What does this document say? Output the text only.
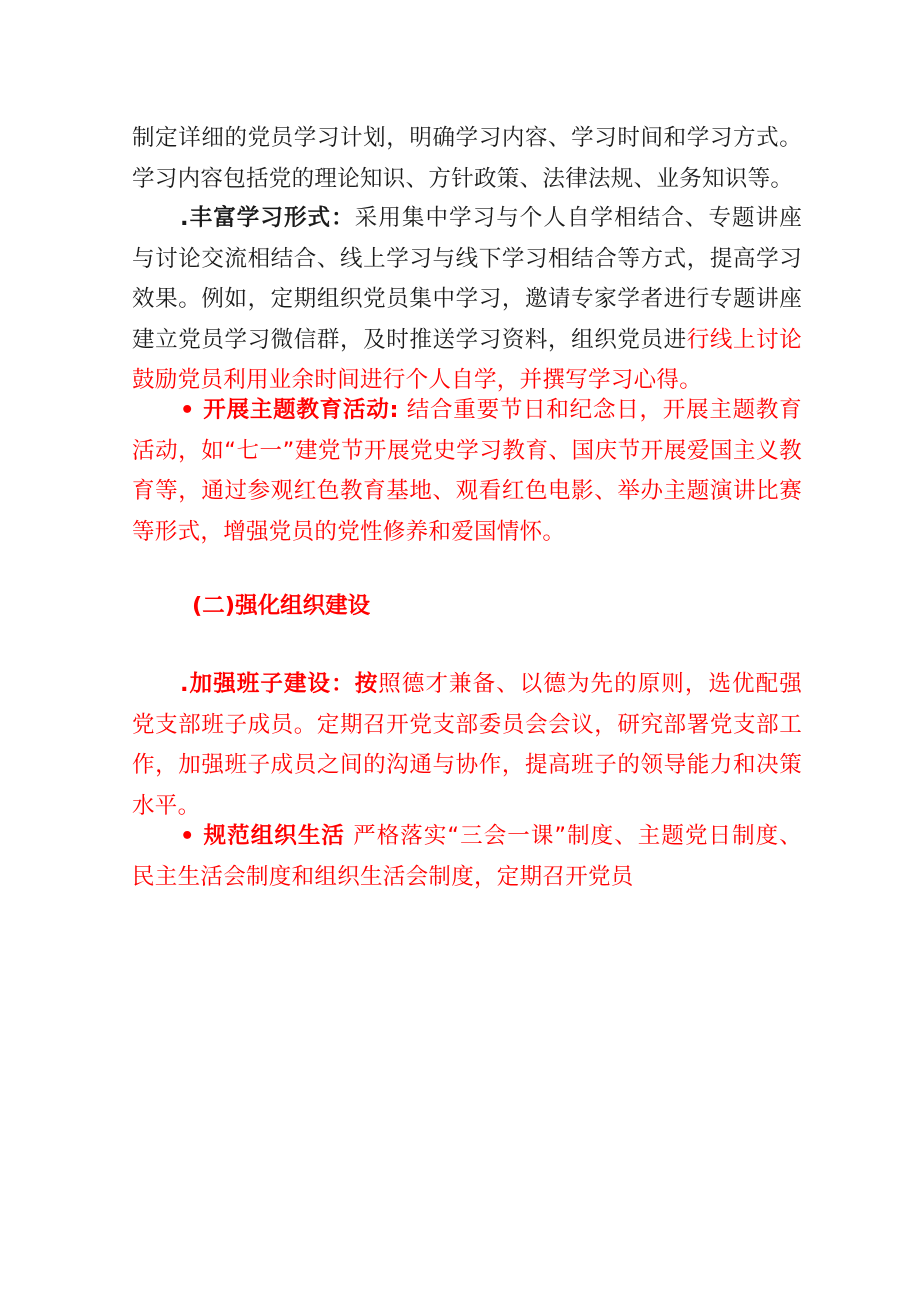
制定详细的党员学习计划，明确学习内容、学习时间和学习方式。学习内容包括党的理论知识、方针政策、法律法规、业务知识等。

.丰富学习形式：采用集中学习与个人自学相结合、专题讲座与讨论交流相结合、线上学习与线下学习相结合等方式，提高学习效果。例如，定期组织党员集中学习，邀请专家学者进行专题讲座建立党员学习微信群，及时推送学习资料，组织党员进行线上讨论鼓励党员利用业余时间进行个人自学，并撰写学习心得。

• 开展主题教育活动: 结合重要节日和纪念日，开展主题教育活动，如“七一”建党节开展党史学习教育、国庆节开展爱国主义教育等，通过参观红色教育基地、观看红色电影、举办主题演讲比赛等形式，增强党员的党性修养和爱国情怀。

(二)强化组织建设

.加强班子建设：按照德才兼备、以德为先的原则，选优配强党支部班子成员。定期召开党支部委员会会议，研究部署党支部工作，加强班子成员之间的沟通与协作，提高班子的领导能力和决策水平。

• 规范组织生活 严格落实“三会一课”制度、主题党日制度、民主生活会制度和组织生活会制度，定期召开党员
